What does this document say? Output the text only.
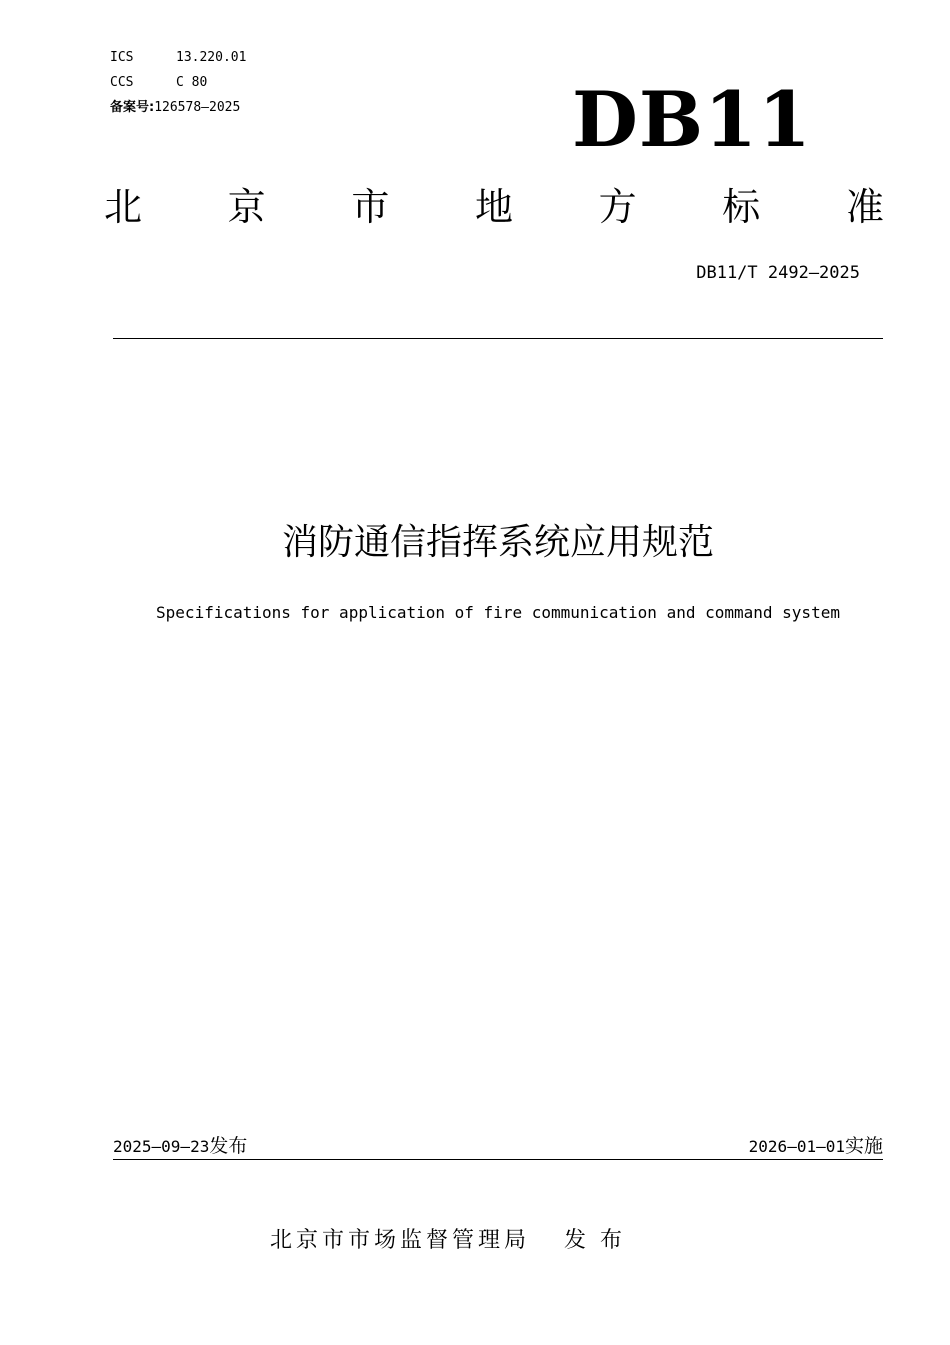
ICS	13.220.01
CCS	C 80
备案号:126578—2025	DB11
北 京 市 地 方 标 准
DB11/T 2492—2025
消防通信指挥系统应用规范
Specifications for application of fire communication and command system
2025—09—23发布	2026—01—01实施
北京市市场监督管理局 发布
